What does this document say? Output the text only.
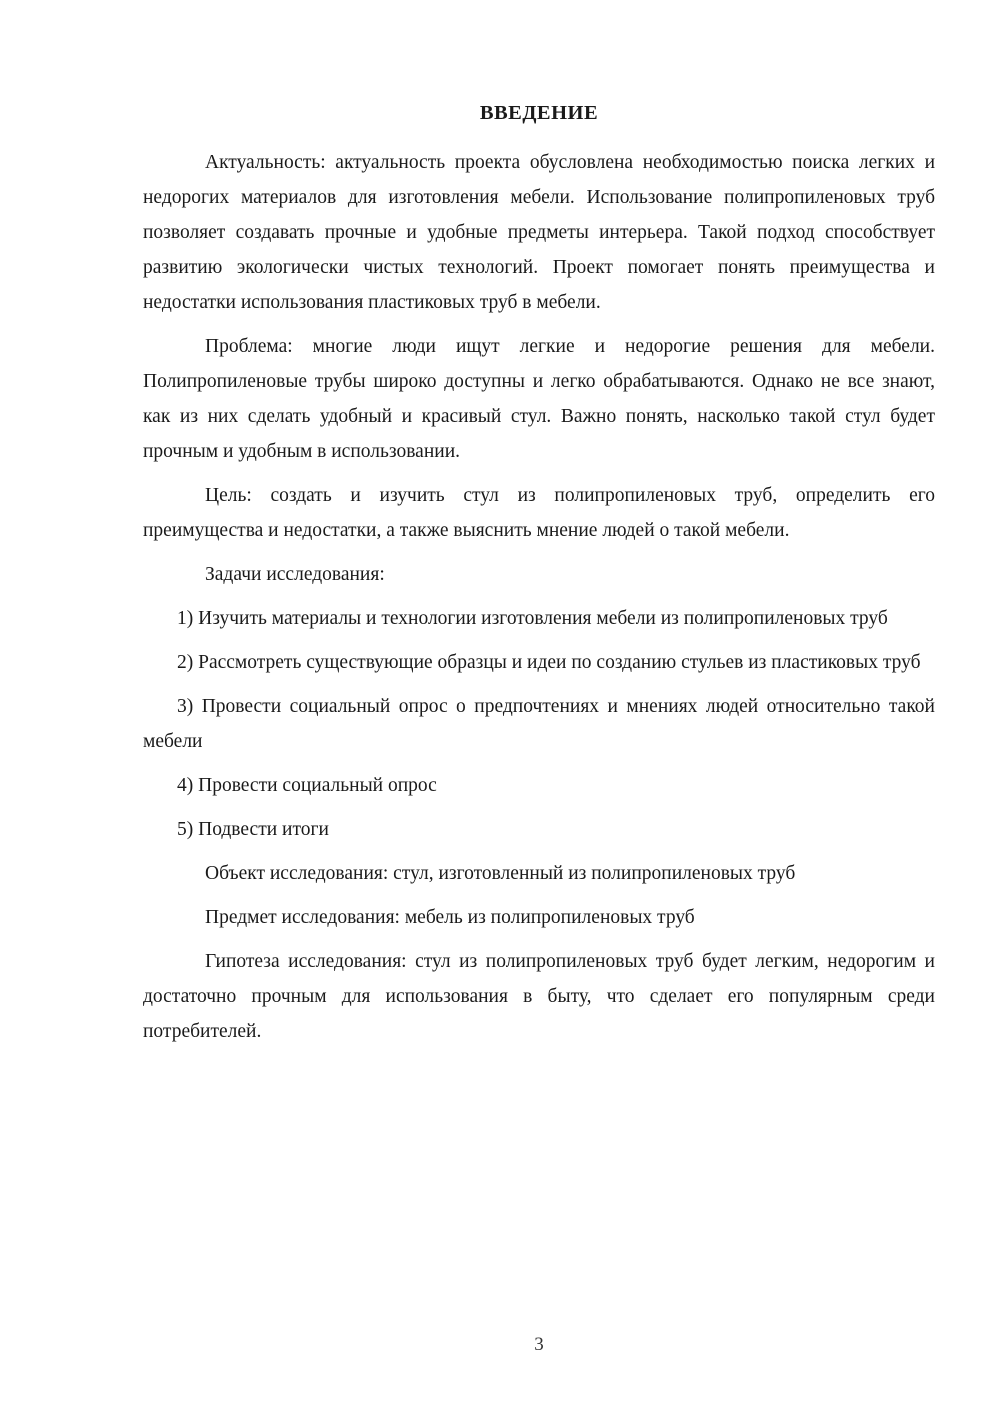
ВВЕДЕНИЕ

Актуальность: актуальность проекта обусловлена необходимостью поиска легких и недорогих материалов для изготовления мебели. Использование полипропиленовых труб позволяет создавать прочные и удобные предметы интерьера. Такой подход способствует развитию экологически чистых технологий. Проект помогает понять преимущества и недостатки использования пластиковых труб в мебели.

Проблема: многие люди ищут легкие и недорогие решения для мебели. Полипропиленовые трубы широко доступны и легко обрабатываются. Однако не все знают, как из них сделать удобный и красивый стул. Важно понять, насколько такой стул будет прочным и удобным в использовании.

Цель: создать и изучить стул из полипропиленовых труб, определить его преимущества и недостатки, а также выяснить мнение людей о такой мебели.

Задачи исследования:

1) Изучить материалы и технологии изготовления мебели из полипропиленовых труб

2) Рассмотреть существующие образцы и идеи по созданию стульев из пластиковых труб

3) Провести социальный опрос о предпочтениях и мнениях людей относительно такой мебели

4) Провести социальный опрос

5) Подвести итоги

Объект исследования: стул, изготовленный из полипропиленовых труб

Предмет исследования: мебель из полипропиленовых труб

Гипотеза исследования: стул из полипропиленовых труб будет легким, недорогим и достаточно прочным для использования в быту, что сделает его популярным среди потребителей.

3
